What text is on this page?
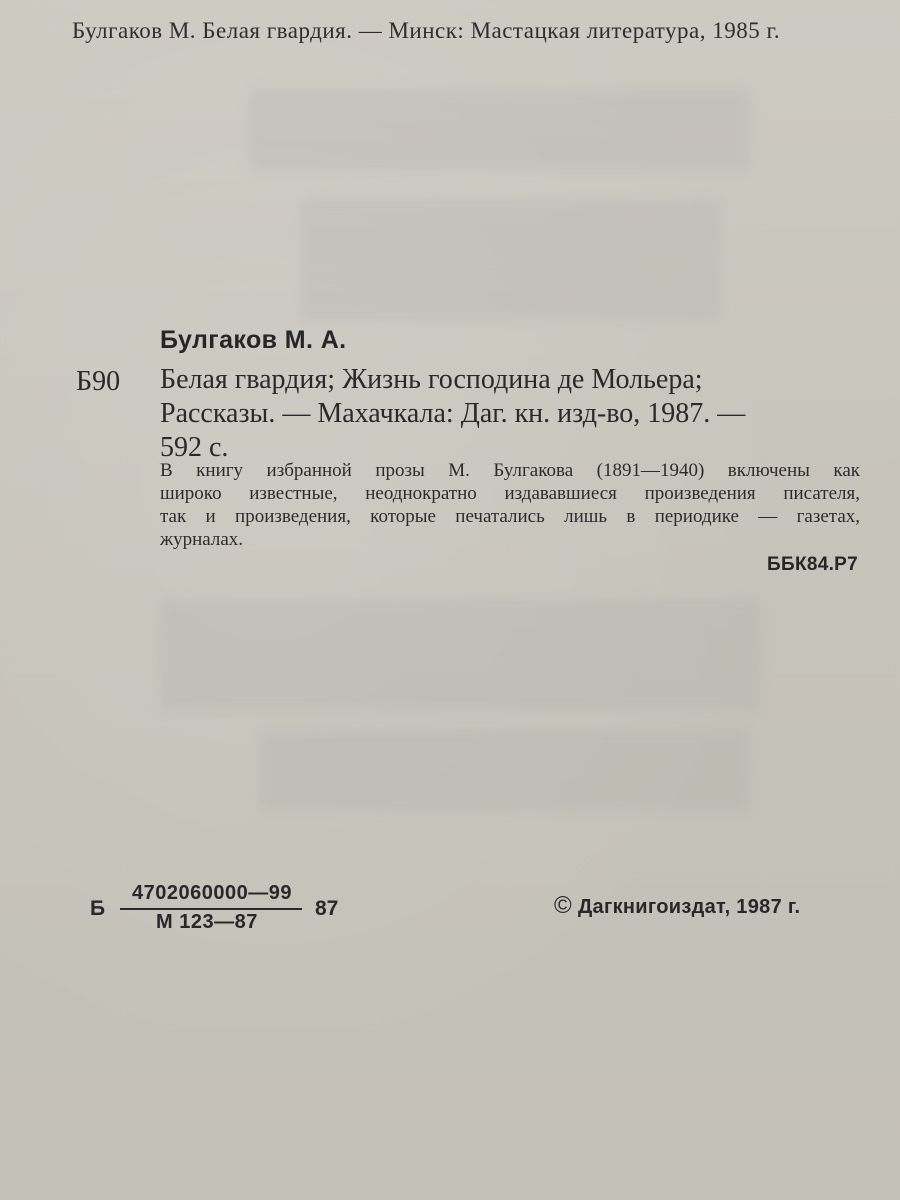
Булгаков М. Белая гвардия. — Минск: Мастацкая литература, 1985 г.
Булгаков М. А.
Б90 Белая гвардия; Жизнь господина де Мольера;
Рассказы. — Махачкала: Даг. кн. изд-во, 1987. —
592 с.
В книгу избранной прозы М. Булгакова (1891—1940) включены как
широко известные, неоднократно издававшиеся произведения писателя,
так и произведения, которые печатались лишь в периодике — газетах,
журналах.
ББК84.Р7
Б
4702060000—99
М 123—87
87	© Дагкнигоиздат, 1987 г.
